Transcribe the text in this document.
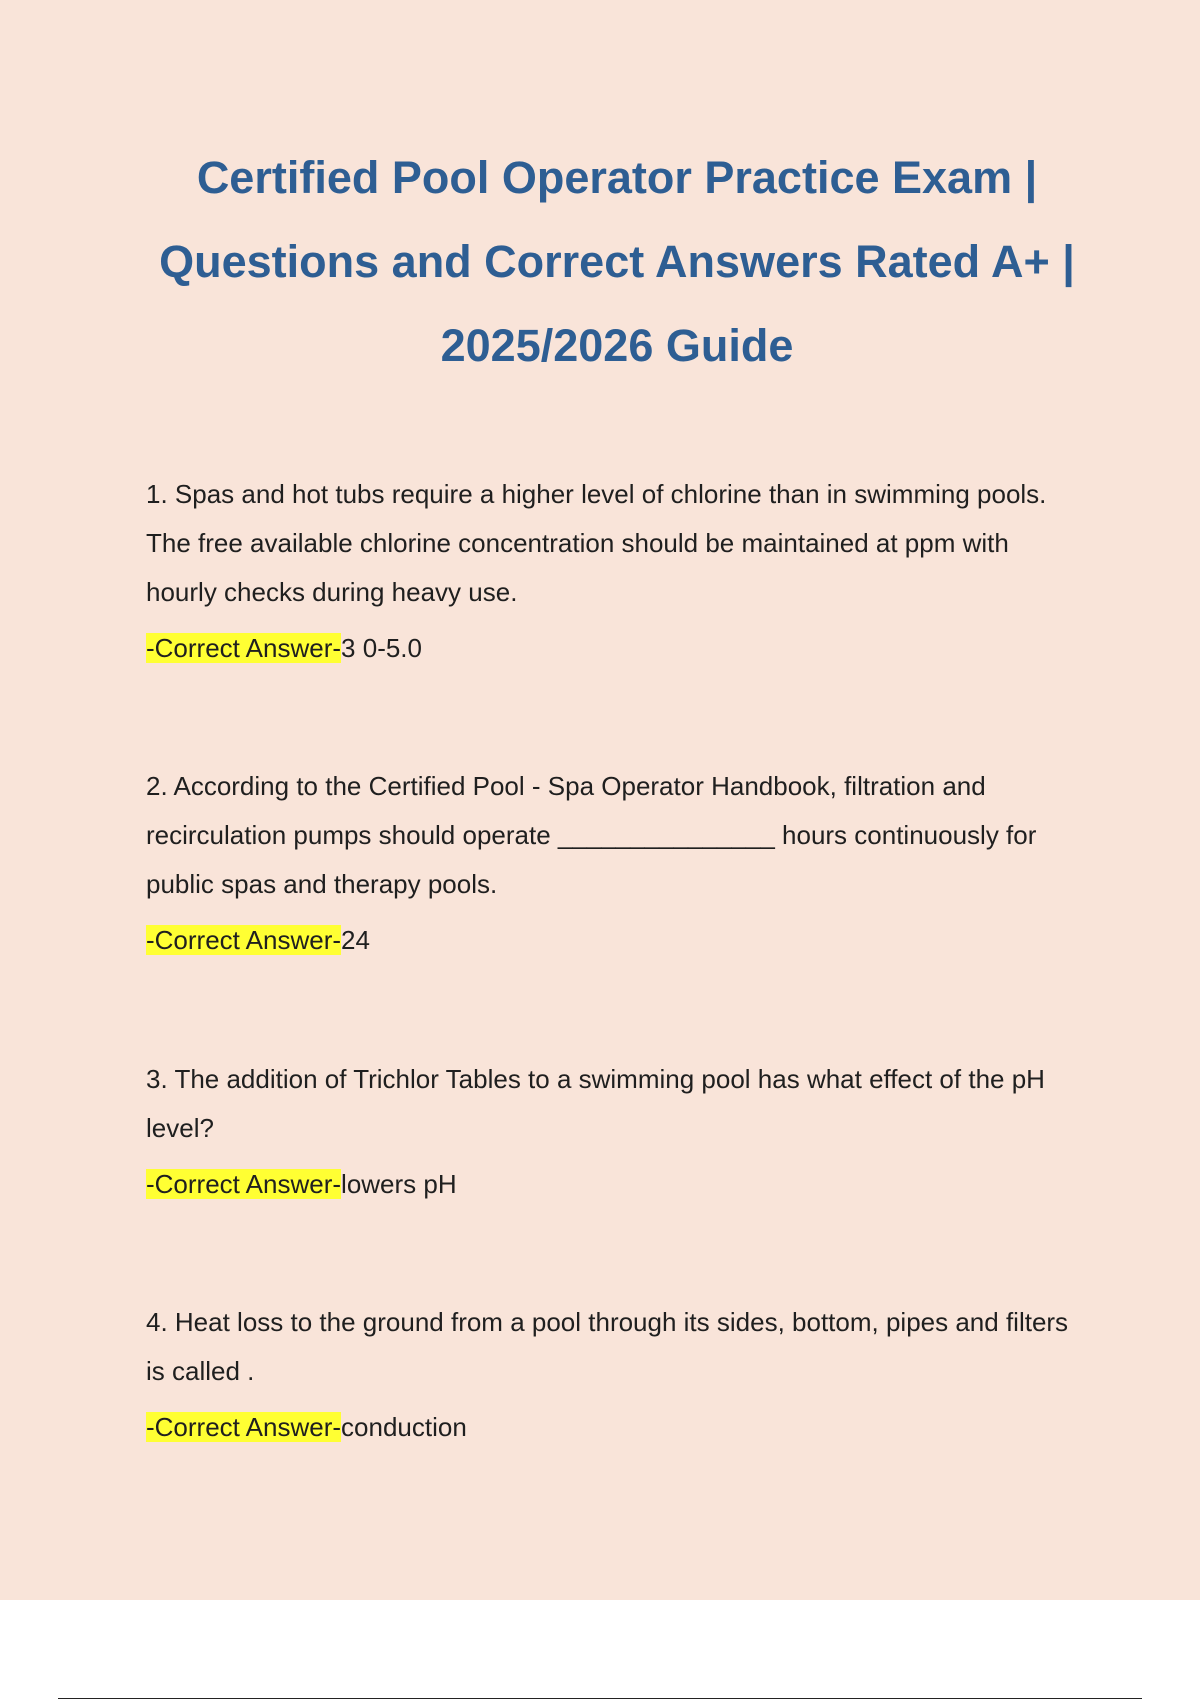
Certified Pool Operator Practice Exam | Questions and Correct Answers Rated A+ | 2025/2026 Guide

1. Spas and hot tubs require a higher level of chlorine than in swimming pools. The free available chlorine concentration should be maintained at ppm with hourly checks during heavy use.

-Correct Answer-3 0-5.0

2. According to the Certified Pool - Spa Operator Handbook, filtration and recirculation pumps should operate _______________ hours continuously for public spas and therapy pools.

-Correct Answer-24

3. The addition of Trichlor Tables to a swimming pool has what effect of the pH level?

-Correct Answer-lowers pH

4. Heat loss to the ground from a pool through its sides, bottom, pipes and filters is called .

-Correct Answer-conduction
